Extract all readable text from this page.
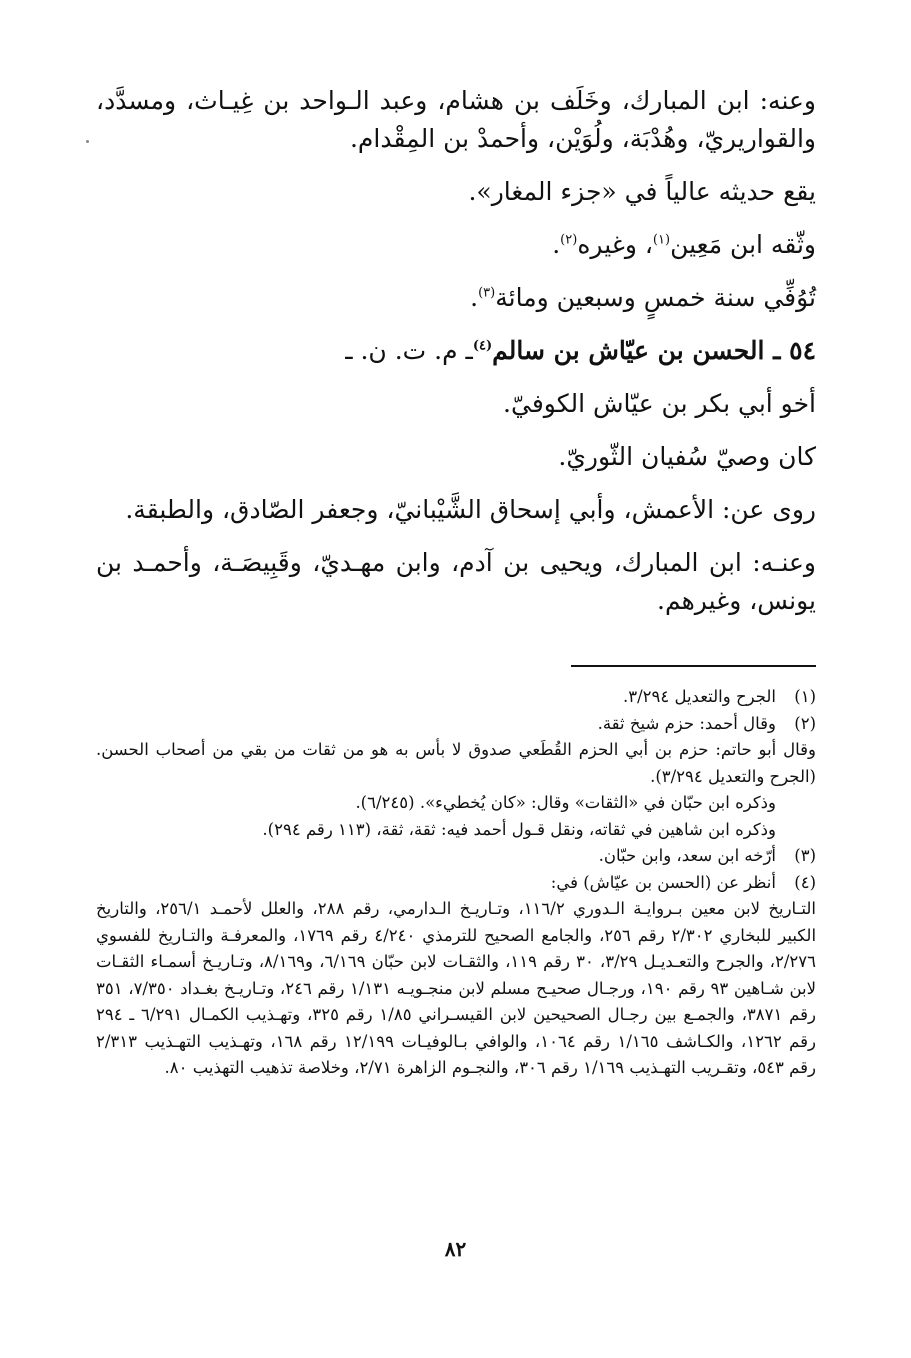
وعنه: ابن المبارك، وخَلَف بن هشام، وعبد الـواحد بن غِيـاث، ومسدَّد، والقواريريّ، وهُدْبَة، ولُوَيْن، وأحمدْ بن المِقْدام.

يقع حديثه عالياً في «جزء المغار».

وثّقه ابن مَعِين$^{(١)}$، وغيره$^{(٢)}$.

تُوُفِّي سنة خمسٍ وسبعين ومائة$^{(٣)}$.

٥٤ ـ الحسن بن عيّاش بن سالم$^{(٤)}$ـ م. ت. ن. ـ

أخو أبي بكر بن عيّاش الكوفيّ.

كان وصيّ سُفيان الثّوريّ.

روى عن: الأعمش، وأبي إسحاق الشَّيْبانيّ، وجعفر الصّادق، والطبقة.

وعنـه: ابن المبارك، ويحيى بن آدم، وابن مهـديّ، وقَبِيصَـة، وأحمـد بن يونس، وغيرهم.

(١)
الجرح والتعديل ٣/٢٩٤.
(٢)
وقال أحمد: حزم شيخ ثقة.
وقال أبو حاتم: حزم بن أبي الحزم القُطَعي صدوق لا بأس به هو من ثقات من بقي من أصحاب الحسن. (الجرح والتعديل ٣/٢٩٤).
وذكره ابن حبّان في «الثقات» وقال: «كان يُخطيء». (٦/٢٤٥).
وذكره ابن شاهين في ثقاته، ونقل قـول أحمد فيه: ثقة، ثقة، (١١٣ رقم ٢٩٤).
(٣)
أرّخه ابن سعد، وابن حبّان.
(٤)
أنظر عن (الحسن بن عيّاش) في:
التـاريخ لابن معين بـروايـة الـدوري ١١٦/٢، وتـاريـخ الـدارمي، رقم ٢٨٨، والعلل لأحمـد ٢٥٦/١، والتاريخ الكبير للبخاري ٢/٣٠٢ رقم ٢٥٦، والجامع الصحيح للترمذي ٤/٢٤٠ رقم ١٧٦٩، والمعرفـة والتـاريخ للفسوي ٢/٢٧٦، والجرح والتعـديـل ٣/٢٩، ٣٠ رقم ١١٩، والثقـات لابن حبّان ٦/١٦٩، و٨/١٦٩، وتـاريـخ أسمـاء الثقـات لابن شـاهين ٩٣ رقم ١٩٠، ورجـال صحيـح مسلم لابن منجـويـه ١/١٣١ رقم ٢٤٦، وتـاريـخ بغـداد ٧/٣٥٠، ٣٥١ رقم ٣٨٧١، والجمـع بين رجـال الصحيحين لابن القيسـراني ١/٨٥ رقم ٣٢٥، وتهـذيب الكمـال ٦/٢٩١ ـ ٢٩٤ رقم ١٢٦٢، والكـاشف ١/١٦٥ رقم ١٠٦٤، والوافي بـالوفيـات ١٢/١٩٩ رقم ١٦٨، وتهـذيب التهـذيب ٢/٣١٣ رقم ٥٤٣، وتقـريب التهـذيب ١/١٦٩ رقم ٣٠٦، والنجـوم الزاهرة ٢/٧١، وخلاصة تذهيب التهذيب ٨٠.
٨٢
